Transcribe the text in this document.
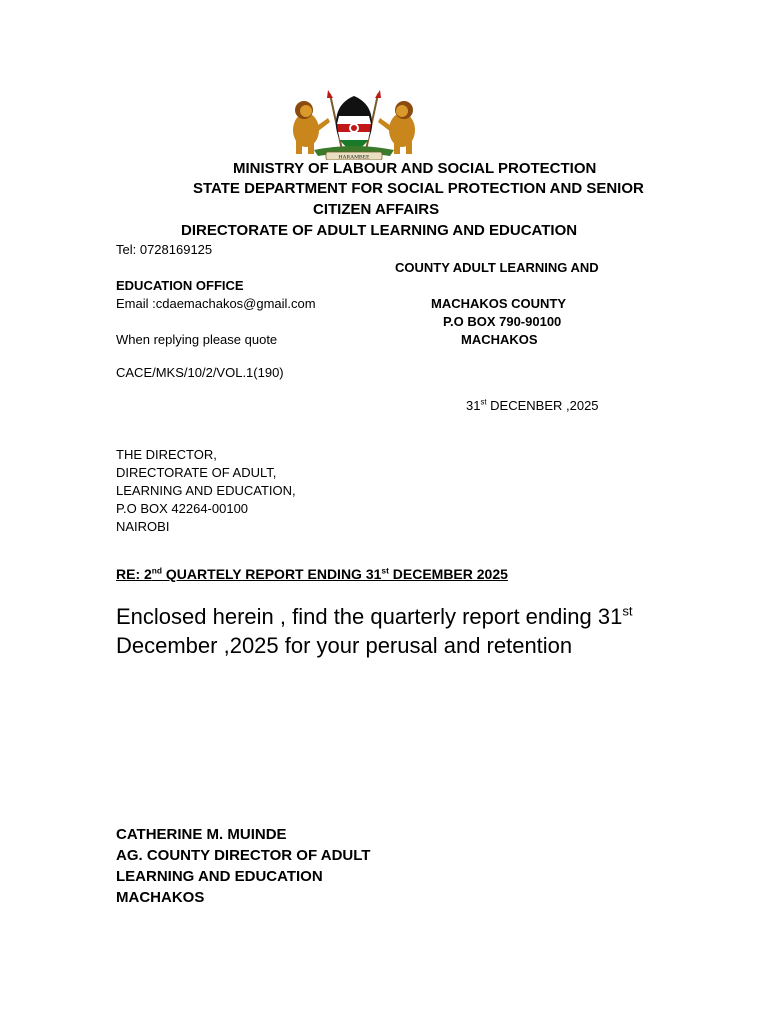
HARAMBEE
MINISTRY OF LABOUR AND SOCIAL PROTECTION
STATE DEPARTMENT FOR SOCIAL PROTECTION AND SENIOR
CITIZEN AFFAIRS
DIRECTORATE OF ADULT LEARNING AND EDUCATION
Tel: 0728169125
COUNTY ADULT LEARNING AND
EDUCATION OFFICE
Email :cdaemachakos@gmail.com	MACHAKOS COUNTY
P.O BOX 790-90100
When replying please quote	MACHAKOS
CACE/MKS/10/2/VOL.1(190)
31st DECENBER ,2025
THE DIRECTOR,
DIRECTORATE OF ADULT,
LEARNING AND EDUCATION,
P.O BOX 42264-00100
NAIROBI
RE: 2nd QUARTELY REPORT ENDING 31st DECEMBER 2025
Enclosed herein , find the quarterly report ending 31st December ,2025 for your perusal and retention
CATHERINE M. MUINDE
AG. COUNTY DIRECTOR OF ADULT
LEARNING AND EDUCATION
MACHAKOS
